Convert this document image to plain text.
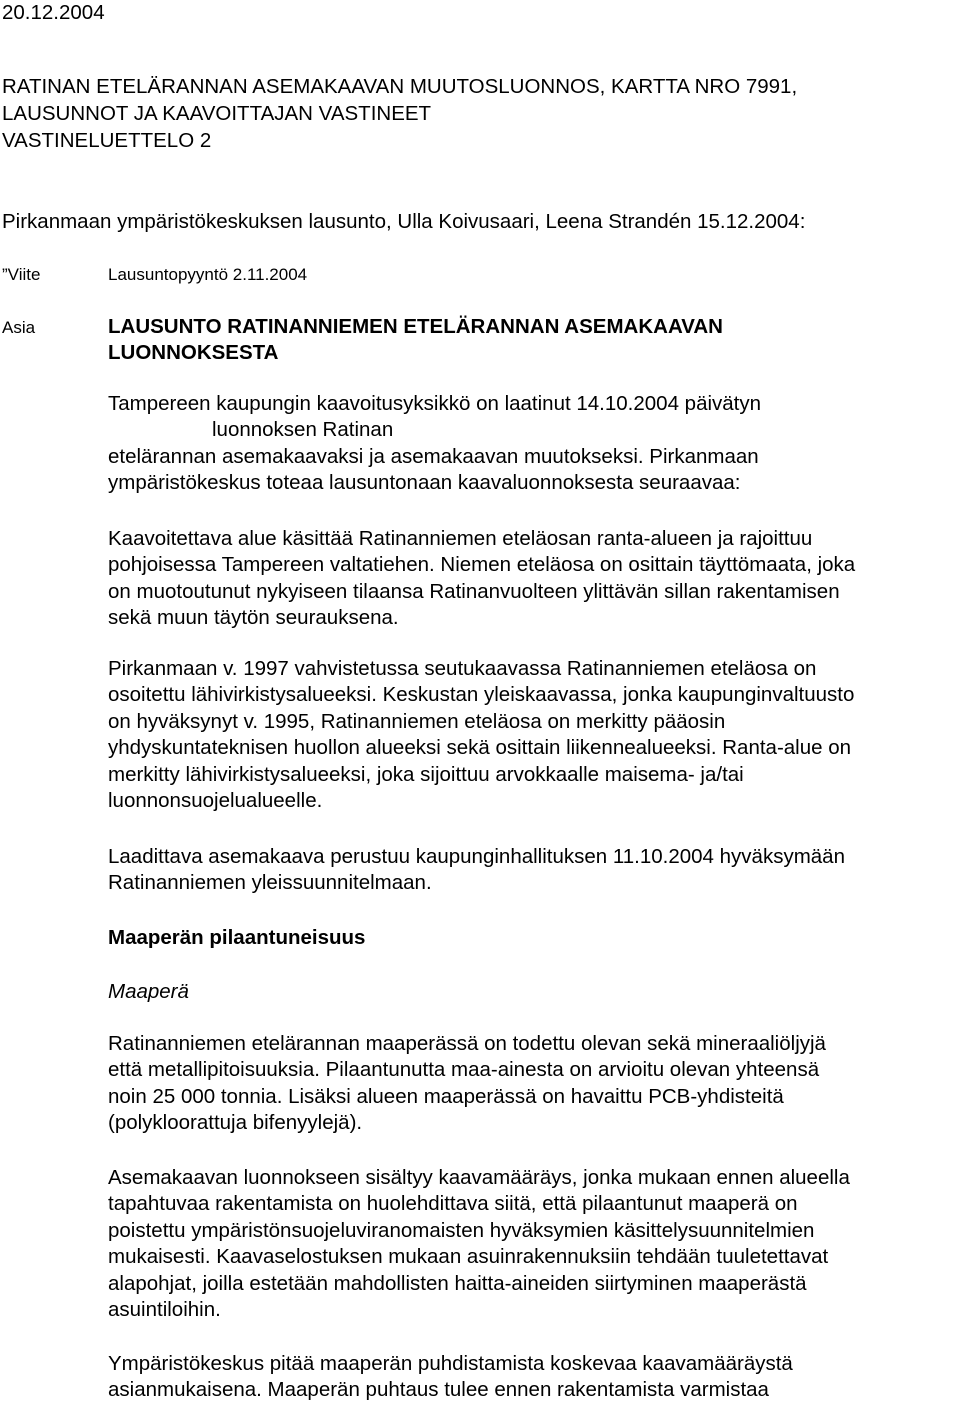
20.12.2004
RATINAN ETELÄRANNAN ASEMAKAAVAN MUUTOSLUONNOS, KARTTA NRO 7991,
LAUSUNNOT JA KAAVOITTAJAN VASTINEET
VASTINELUETTELO 2
Pirkanmaan ympäristökeskuksen lausunto, Ulla Koivusaari, Leena Strandén 15.12.2004:
”Viite	Lausuntopyyntö 2.11.2004
Asia	LAUSUNTO RATINANNIEMEN ETELÄRANNAN ASEMAKAAVAN
LUONNOKSESTA
Tampereen kaupungin kaavoitusyksikkö on laatinut 14.10.2004 päivätyn
luonnoksen Ratinan
etelärannan asemakaavaksi ja asemakaavan muutokseksi. Pirkanmaan
ympäristökeskus toteaa lausuntonaan kaavaluonnoksesta seuraavaa:
Kaavoitettava alue käsittää Ratinanniemen eteläosan ranta-alueen ja rajoittuu
pohjoisessa Tampereen valtatiehen. Niemen eteläosa on osittain täyttömaata, joka
on muotoutunut nykyiseen tilaansa Ratinanvuolteen ylittävän sillan rakentamisen
sekä muun täytön seurauksena.
Pirkanmaan v. 1997 vahvistetussa seutukaavassa Ratinanniemen eteläosa on
osoitettu lähivirkistysalueeksi. Keskustan yleiskaavassa, jonka kaupunginvaltuusto
on hyväksynyt v. 1995, Ratinanniemen eteläosa on merkitty pääosin
yhdyskuntateknisen huollon alueeksi sekä osittain liikennealueeksi. Ranta-alue on
merkitty lähivirkistysalueeksi, joka sijoittuu arvokkaalle maisema- ja/tai
luonnonsuojelualueelle.
Laadittava asemakaava perustuu kaupunginhallituksen 11.10.2004 hyväksymään
Ratinanniemen yleissuunnitelmaan.
Maaperän pilaantuneisuus
Maaperä
Ratinanniemen etelärannan maaperässä on todettu olevan sekä mineraaliöljyjä
että metallipitoisuuksia. Pilaantunutta maa-ainesta on arvioitu olevan yhteensä
noin 25 000 tonnia. Lisäksi alueen maaperässä on havaittu PCB-yhdisteitä
(polykloorattuja bifenyylejä).
Asemakaavan luonnokseen sisältyy kaavamääräys, jonka mukaan ennen alueella
tapahtuvaa rakentamista on huolehdittava siitä, että pilaantunut maaperä on
poistettu ympäristönsuojeluviranomaisten hyväksymien käsittelysuunnitelmien
mukaisesti. Kaavaselostuksen mukaan asuinrakennuksiin tehdään tuuletettavat
alapohjat, joilla estetään mahdollisten haitta-aineiden siirtyminen maaperästä
asuintiloihin.
Ympäristökeskus pitää maaperän puhdistamista koskevaa kaavamääräystä
asianmukaisena. Maaperän puhtaus tulee ennen rakentamista varmistaa
